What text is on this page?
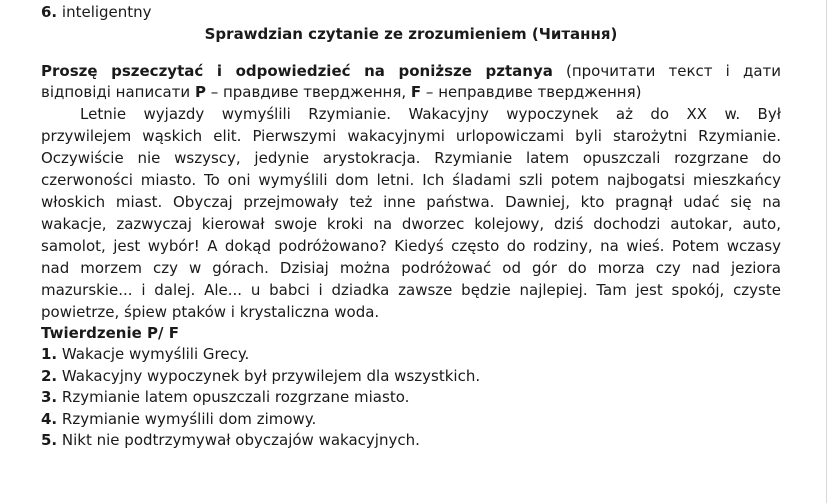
6. inteligentny
Sprawdzian czytanie ze zrozumieniem (Читання)
Proszę pszeczytać i odpowiedzieć na poniższe pztanya (прочитати текст і дати
відповіді написати P – правдиве твердження, F – неправдиве твердження)
Letnie wyjazdy wymyślili Rzymianie. Wakacyjny wypoczynek aż do XX w. Był
przywilejem wąskich elit. Pierwszymi wakacyjnymi urlopowiczami byli starożytni Rzymianie.
Oczywiście nie wszyscy, jedynie arystokracja. Rzymianie latem opuszczali rozgrzane do
czerwoności miasto. To oni wymyślili dom letni. Ich śladami szli potem najbogatsi mieszkańcy
włoskich miast. Obyczaj przejmowały też inne państwa. Dawniej, kto pragnął udać się na
wakacje, zazwyczaj kierował swoje kroki na dworzec kolejowy, dziś dochodzi autokar, auto,
samolot, jest wybór! A dokąd podróżowano? Kiedyś często do rodziny, na wieś. Potem wczasy
nad morzem czy w górach. Dzisiaj można podróżować od gór do morza czy nad jeziora
mazurskie... i dalej. Ale... u babci i dziadka zawsze będzie najlepiej. Tam jest spokój, czyste
powietrze, śpiew ptaków i krystaliczna woda.
Twierdzenie P/ F
1. Wakacje wymyślili Grecy.
2. Wakacyjny wypoczynek był przywilejem dla wszystkich.
3. Rzymianie latem opuszczali rozgrzane miasto.
4. Rzymianie wymyślili dom zimowy.
5. Nikt nie podtrzymywał obyczajów wakacyjnych.
